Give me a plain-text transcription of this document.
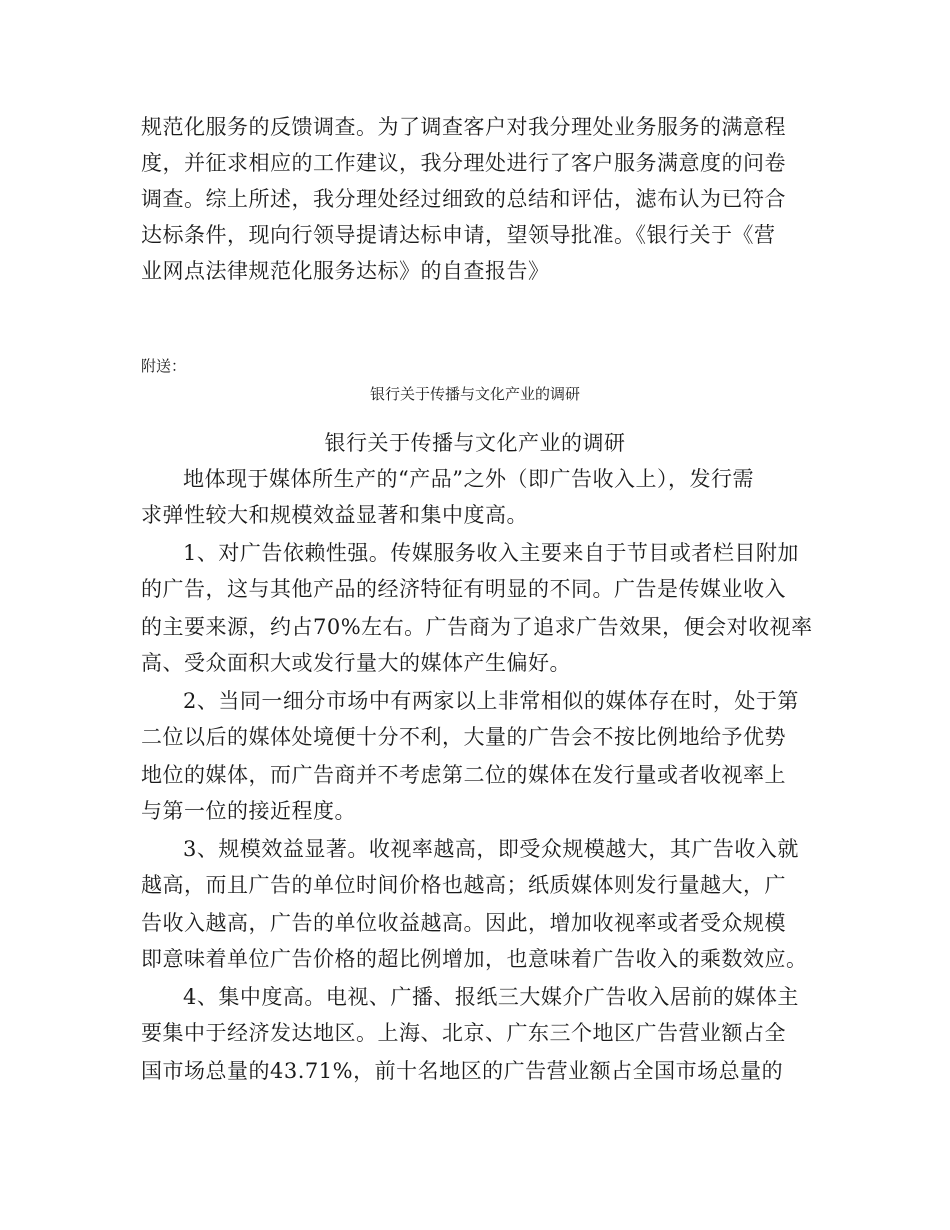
规范化服务的反馈调查。为了调查客户对我分理处业务服务的满意程
度，并征求相应的工作建议，我分理处进行了客户服务满意度的问卷
调查。综上所述，我分理处经过细致的总结和评估，滤布认为已符合
达标条件，现向行领导提请达标申请，望领导批准。《银行关于《营
业网点法律规范化服务达标》的自查报告》
附送：
银行关于传播与文化产业的调研
银行关于传播与文化产业的调研
地体现于媒体所生产的“产品”之外（即广告收入上），发行需
求弹性较大和规模效益显著和集中度高。
1、对广告依赖性强。传媒服务收入主要来自于节目或者栏目附加
的广告，这与其他产品的经济特征有明显的不同。广告是传媒业收入
的主要来源，约占70%左右。广告商为了追求广告效果，便会对收视率
高、受众面积大或发行量大的媒体产生偏好。
2、当同一细分市场中有两家以上非常相似的媒体存在时，处于第
二位以后的媒体处境便十分不利，大量的广告会不按比例地给予优势
地位的媒体，而广告商并不考虑第二位的媒体在发行量或者收视率上
与第一位的接近程度。
3、规模效益显著。收视率越高，即受众规模越大，其广告收入就
越高，而且广告的单位时间价格也越高；纸质媒体则发行量越大，广
告收入越高，广告的单位收益越高。因此，增加收视率或者受众规模
即意味着单位广告价格的超比例增加，也意味着广告收入的乘数效应。
4、集中度高。电视、广播、报纸三大媒介广告收入居前的媒体主
要集中于经济发达地区。上海、北京、广东三个地区广告营业额占全
国市场总量的43.71%，前十名地区的广告营业额占全国市场总量的
